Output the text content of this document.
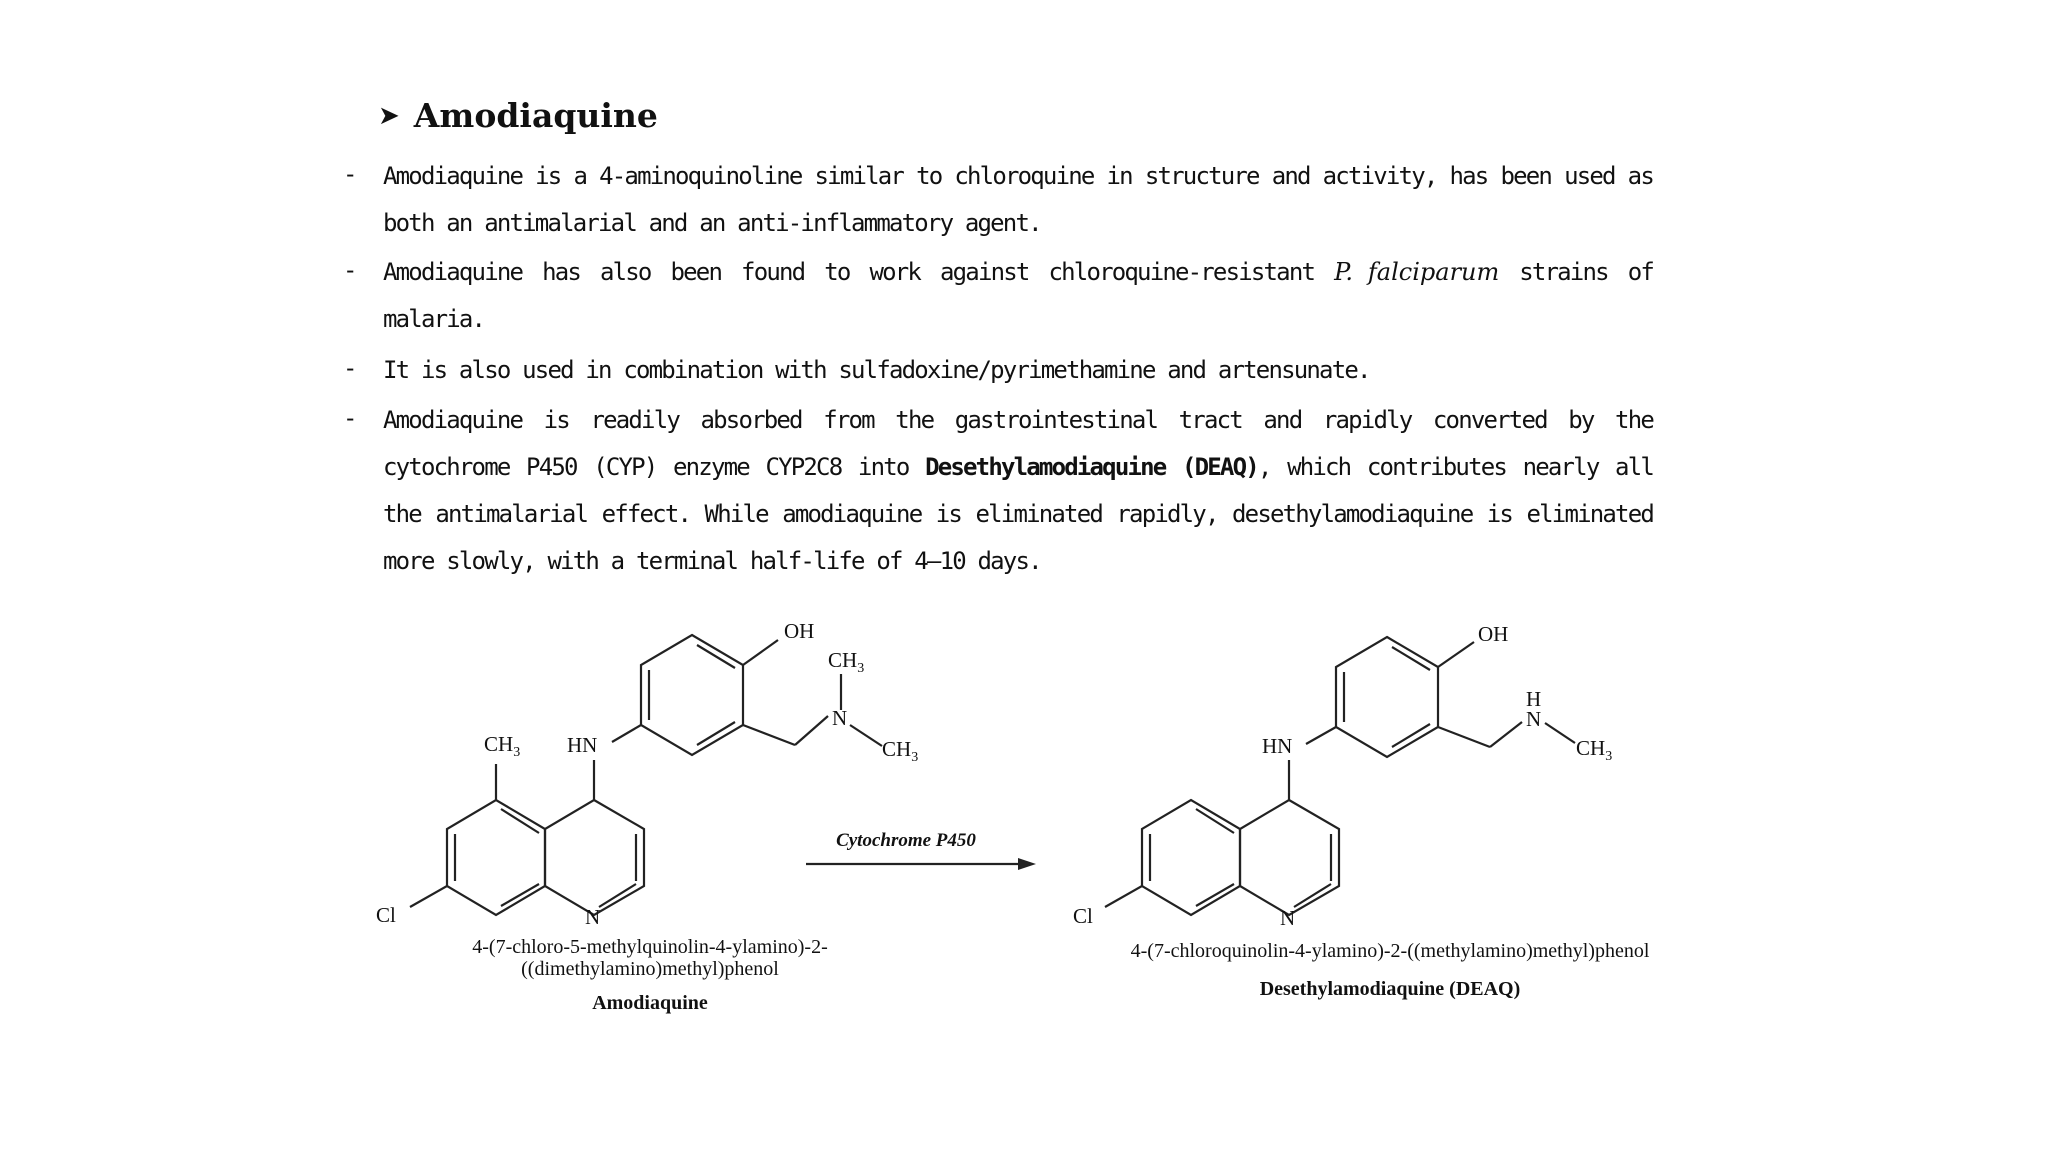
➤ Amodiaquine
- Amodiaquine is a 4-aminoquinoline similar to chloroquine in structure and activity, has been used as both an antimalarial and an anti-inflammatory agent.
- Amodiaquine has also been found to work against chloroquine-resistant P. falciparum strains of malaria.
- It is also used in combination with sulfadoxine/pyrimethamine and artensunate.
- Amodiaquine is readily absorbed from the gastrointestinal tract and rapidly converted by the cytochrome P450 (CYP) enzyme CYP2C8 into Desethylamodiaquine (DEAQ), which contributes nearly all the antimalarial effect. While amodiaquine is eliminated rapidly, desethylamodiaquine is eliminated more slowly, with a terminal half-life of 4–10 days.
OH
$CH_3$
N
$CH_3$
$CH_3$ HN
Cl	N
Cytochrome P450
OH
H
N
$CH_3$
HN
Cl	N
4-(7-chloro-5-methylquinolin-4-ylamino)-2-
((dimethylamino)methyl)phenol
Amodiaquine
4-(7-chloroquinolin-4-ylamino)-2-((methylamino)methyl)phenol
Desethylamodiaquine (DEAQ)
